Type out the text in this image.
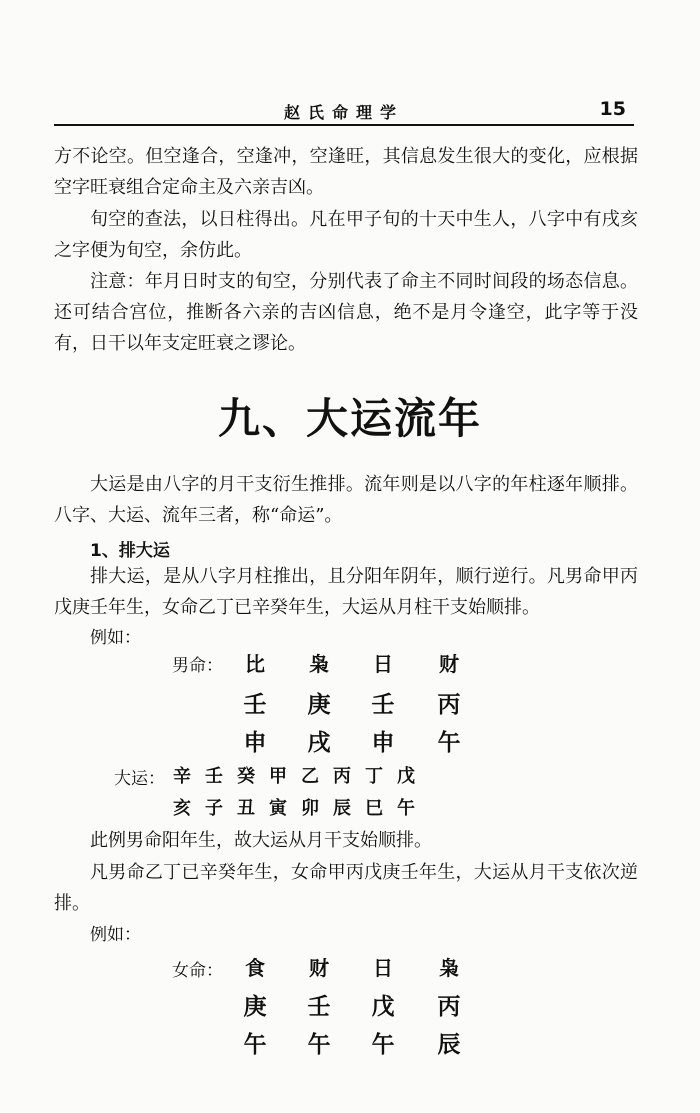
赵氏命理学	15

方不论空。但空逢合，空逢冲，空逢旺，其信息发生很大的变化，应根据空字旺衰组合定命主及六亲吉凶。

旬空的查法，以日柱得出。凡在甲子旬的十天中生人，八字中有戌亥之字便为旬空，余仿此。

注意：年月日时支的旬空，分别代表了命主不同时间段的场态信息。还可结合宫位，推断各六亲的吉凶信息，绝不是月令逢空，此字等于没有，日干以年支定旺衰之谬论。

九、大运流年

大运是由八字的月干支衍生推排。流年则是以八字的年柱逐年顺排。八字、大运、流年三者，称“命运”。

1、排大运

排大运，是从八字月柱推出，且分阳年阴年，顺行逆行。凡男命甲丙戊庚壬年生，女命乙丁已辛癸年生，大运从月柱干支始顺排。

例如：
男命：	比	枭	日	财
壬	庚	壬	丙
申	戌	申	午
大运： 辛 壬 癸 甲 乙 丙 丁 戊
亥 子 丑 寅 卯 辰 巳 午

此例男命阳年生，故大运从月干支始顺排。

凡男命乙丁已辛癸年生，女命甲丙戊庚壬年生，大运从月干支依次逆排。

例如：
女命：	食	财	日	枭
庚	壬	戊	丙
午	午	午	辰
